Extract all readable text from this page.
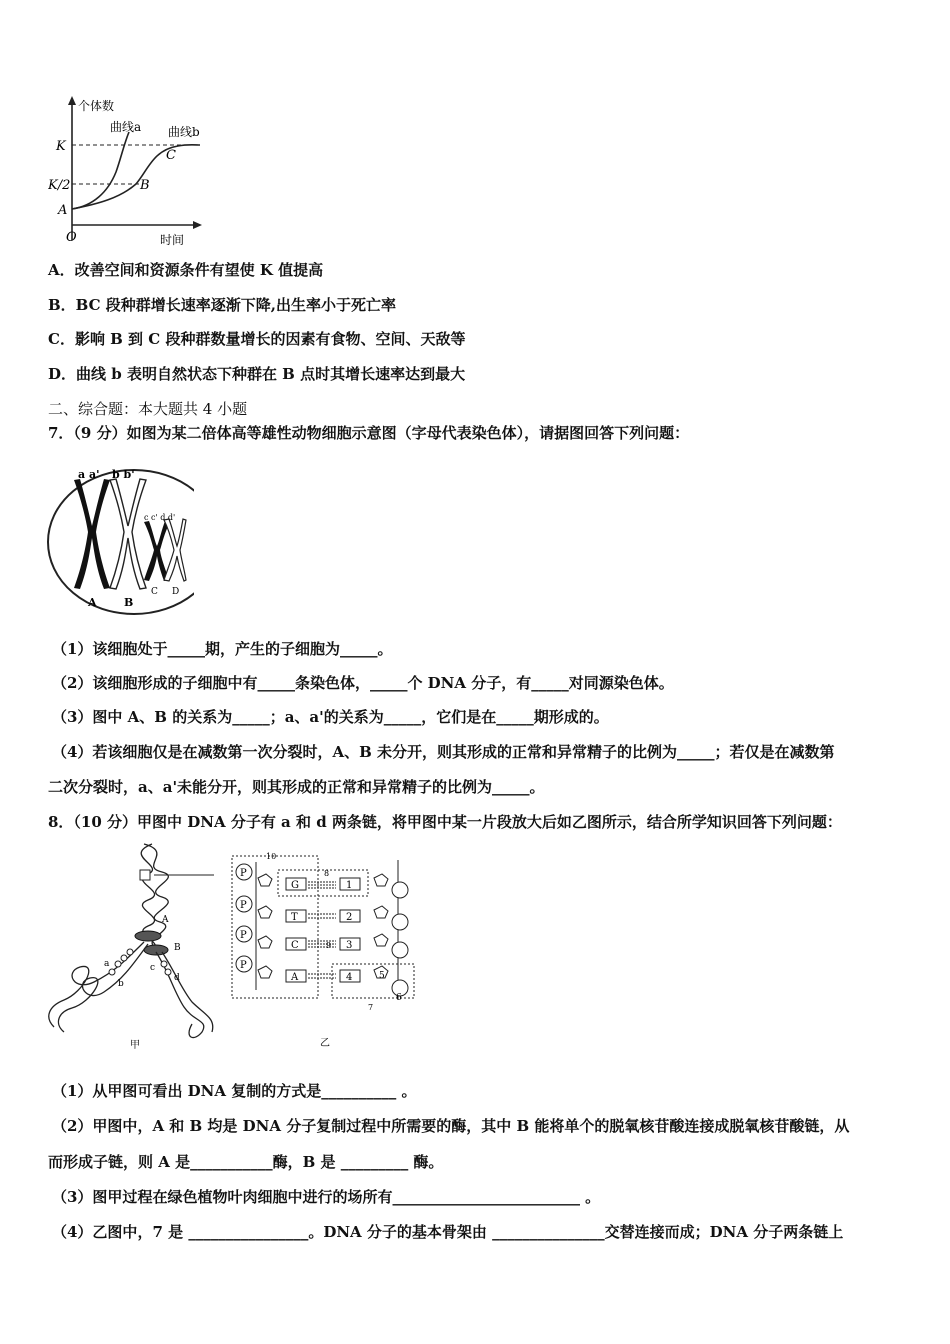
个体数
时间
O
K
K/2
A
B
C
曲线a 曲线b
A．改善空间和资源条件有望使 K 值提高
B．BC 段种群增长速率逐渐下降,出生率小于死亡率
C．影响 B 到 C 段种群数量增长的因素有食物、空间、天敌等
D．曲线 b 表明自然状态下种群在 B 点时其增长速率达到最大
二、综合题：本大题共 4 小题
7．（9 分）如图为某二倍体高等雄性动物细胞示意图（字母代表染色体），请据图回答下列问题：
a a' b b'
c c' d d'
A B
C D
（1）该细胞处于_____期，产生的子细胞为_____。
（2）该细胞形成的子细胞中有_____条染色体，_____个 DNA 分子，有_____对同源染色体。
（3）图中 A、B 的关系为_____；a、a'的关系为_____，它们是在_____期形成的。
（4）若该细胞仅是在减数第一次分裂时，A、B 未分开，则其形成的正常和异常精子的比例为_____；若仅是在减数第
二次分裂时，a、a'未能分开，则其形成的正常和异常精子的比例为_____。
8．（10 分）甲图中 DNA 分子有 a 和 d 两条链，将甲图中某一片段放大后如乙图所示，结合所学知识回答下列问题：
A
B
a
b
c
d
甲
P
P
P
P
G
T
C
A
1
2
3
4
10
8
9
5
6
7
乙
（1）从甲图可看出 DNA 复制的方式是__________ 。
（2）甲图中，A 和 B 均是 DNA 分子复制过程中所需要的酶，其中 B 能将单个的脱氧核苷酸连接成脱氧核苷酸链，从
而形成子链，则 A 是___________酶，B 是 _________ 酶。
（3）图甲过程在绿色植物叶肉细胞中进行的场所有_________________________ 。
（4）乙图中，7 是 ________________。DNA 分子的基本骨架由 _______________交替连接而成；DNA 分子两条链上
